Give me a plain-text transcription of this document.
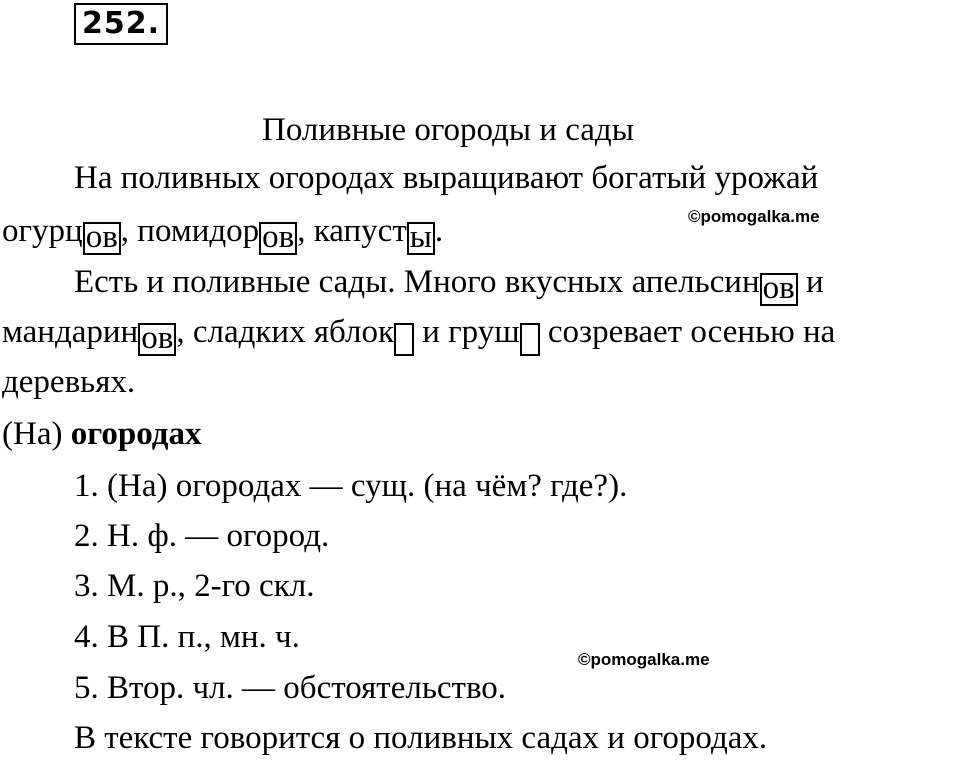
252.
Поливные огороды и сады
На поливных огородах выращивают богатый урожай
огурцов, помидоров, капусты.	©pomogalka.me
Есть и поливные сады. Много вкусных апельсинов и
мандаринов, сладких яблок  и груш  созревает осенью на
деревьях.
(На) огородах
1. (На) огородах — сущ. (на чём? где?).
2. Н. ф. — огород.
3. М. р., 2-го скл.
4. В П. п., мн. ч.
©pomogalka.me
5. Втор. чл. — обстоятельство.
В тексте говорится о поливных садах и огородах.
